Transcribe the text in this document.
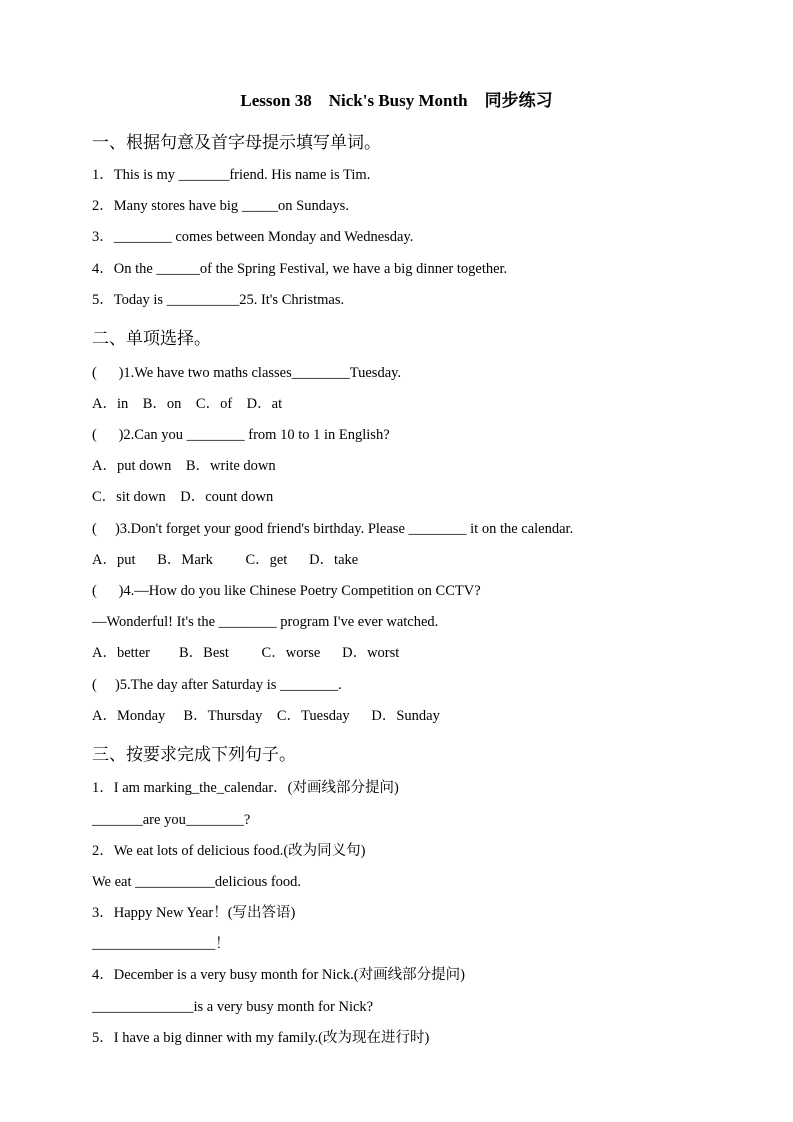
Lesson 38    Nick's Busy Month    同步练习
一、根据句意及首字母提示填写单词。
1．This is my _______friend. His name is Tim.
2．Many stores have big _____on Sundays.
3．________ comes between Monday and Wednesday.
4．On the ______of the Spring Festival, we have a big dinner together.
5．Today is __________25. It's Christmas.
二、单项选择。
(      )1.We have two maths classes________Tuesday.
A．in    B．on    C．of    D．at
(      )2.Can you ________ from 10 to 1 in English?
A．put down    B．write down
C．sit down    D．count down
(     )3.Don't forget your good friend's birthday. Please ________ it on the calendar.
A．put      B．Mark         C．get      D．take
(      )4.—How do you like Chinese Poetry Competition on CCTV?
—Wonderful! It's the ________ program I've ever watched.
A．better        B．Best         C．worse      D．worst
(     )5.The day after Saturday is ________.
A．Monday     B．Thursday    C．Tuesday      D．Sunday
三、按要求完成下列句子。
1．I am marking_the_calendar．(对画线部分提问)
_______are you________?
2．We eat lots of delicious food.(改为同义句)
We eat ___________delicious food.
3．Happy New Year！(写出答语)
_________________！
4．December is a very busy month for Nick.(对画线部分提问)
______________is a very busy month for Nick?
5．I have a big dinner with my family.(改为现在进行时)
